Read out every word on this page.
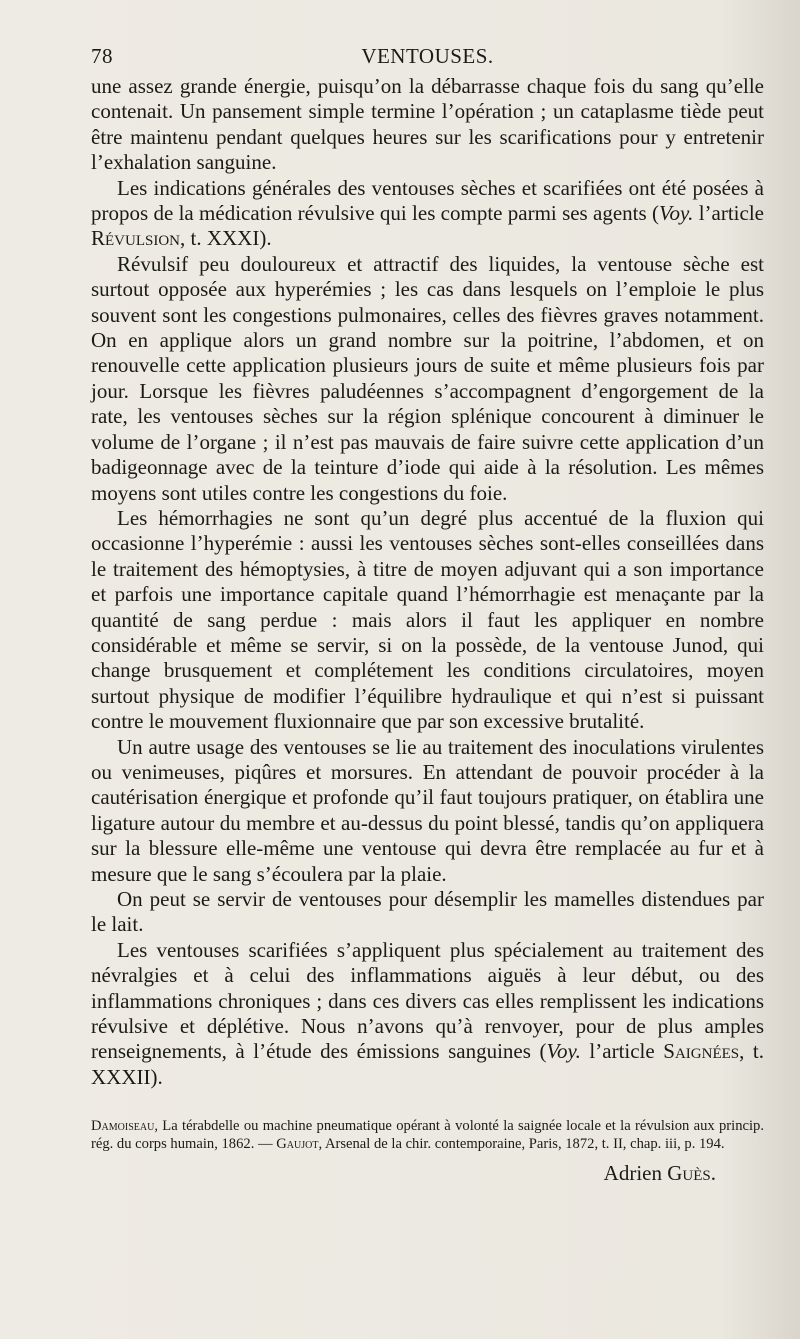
78	VENTOUSES.

une assez grande énergie, puisqu’on la débarrasse chaque fois du sang qu’elle contenait. Un pansement simple termine l’opération ; un cataplasme tiède peut être maintenu pendant quelques heures sur les scarifications pour y entretenir l’exhalation sanguine.

Les indications générales des ventouses sèches et scarifiées ont été posées à propos de la médication révulsive qui les compte parmi ses agents (Voy. l’article Révulsion, t. XXXI).

Révulsif peu douloureux et attractif des liquides, la ventouse sèche est surtout opposée aux hyperémies ; les cas dans lesquels on l’emploie le plus souvent sont les congestions pulmonaires, celles des fièvres graves notamment. On en applique alors un grand nombre sur la poitrine, l’abdomen, et on renouvelle cette application plusieurs jours de suite et même plusieurs fois par jour. Lorsque les fièvres paludéennes s’accompagnent d’engorgement de la rate, les ventouses sèches sur la région splénique concourent à diminuer le volume de l’organe ; il n’est pas mauvais de faire suivre cette application d’un badigeonnage avec de la teinture d’iode qui aide à la résolution. Les mêmes moyens sont utiles contre les congestions du foie.

Les hémorrhagies ne sont qu’un degré plus accentué de la fluxion qui occasionne l’hyperémie : aussi les ventouses sèches sont-elles conseillées dans le traitement des hémoptysies, à titre de moyen adjuvant qui a son importance et parfois une importance capitale quand l’hémorrhagie est menaçante par la quantité de sang perdue : mais alors il faut les appliquer en nombre considérable et même se servir, si on la possède, de la ventouse Junod, qui change brusquement et complétement les conditions circulatoires, moyen surtout physique de modifier l’équilibre hydraulique et qui n’est si puissant contre le mouvement fluxionnaire que par son excessive brutalité.

Un autre usage des ventouses se lie au traitement des inoculations virulentes ou venimeuses, piqûres et morsures. En attendant de pouvoir procéder à la cautérisation énergique et profonde qu’il faut toujours pratiquer, on établira une ligature autour du membre et au-dessus du point blessé, tandis qu’on appliquera sur la blessure elle-même une ventouse qui devra être remplacée au fur et à mesure que le sang s’écoulera par la plaie.

On peut se servir de ventouses pour désemplir les mamelles distendues par le lait.

Les ventouses scarifiées s’appliquent plus spécialement au traitement des névralgies et à celui des inflammations aiguës à leur début, ou des inflammations chroniques ; dans ces divers cas elles remplissent les indications révulsive et déplétive. Nous n’avons qu’à renvoyer, pour de plus amples renseignements, à l’étude des émissions sanguines (Voy. l’article Saignées, t. XXXII).

Damoiseau, La térabdelle ou machine pneumatique opérant à volonté la saignée locale et la révulsion aux princip. rég. du corps humain, 1862. — Gaujot, Arsenal de la chir. contemporaine, Paris, 1872, t. II, chap. iii, p. 194.

Adrien Guès.
